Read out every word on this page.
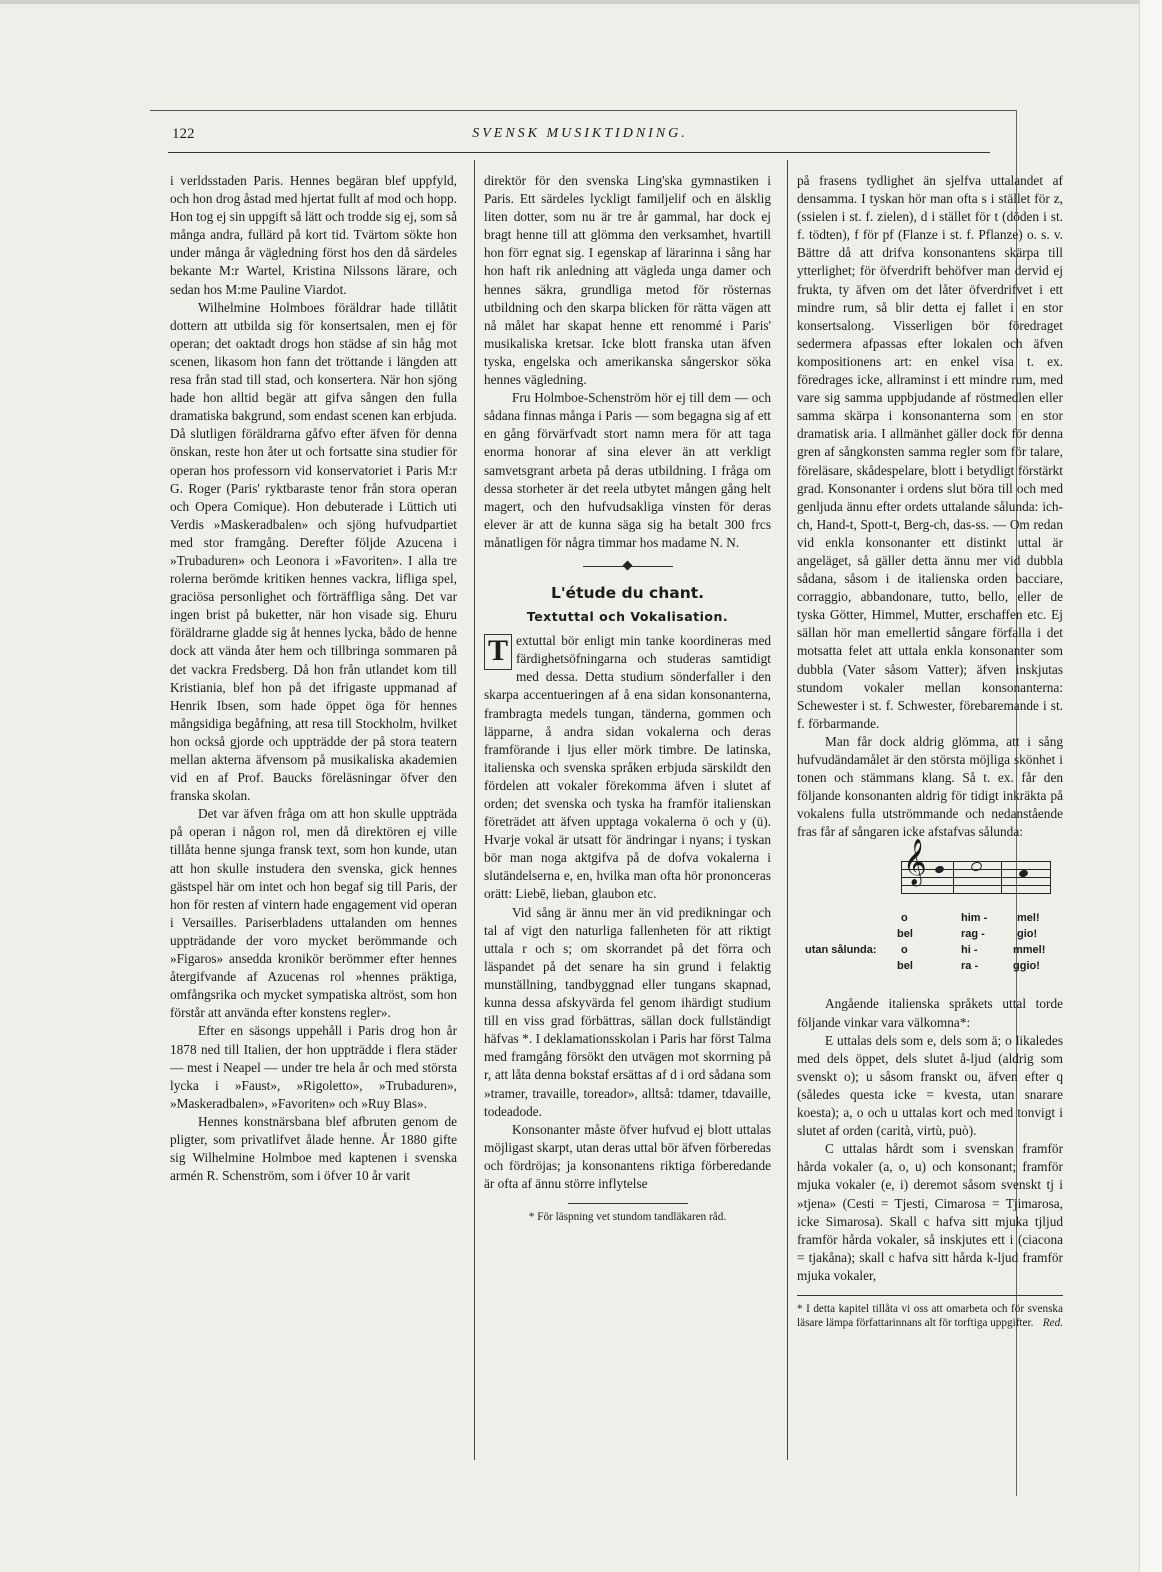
122	SVENSK MUSIKTIDNING.

i verldsstaden Paris. Hennes begäran blef uppfyld, och hon drog åstad med hjertat fullt af mod och hopp. Hon tog ej sin uppgift så lätt och trodde sig ej, som så många andra, fullärd på kort tid. Tvärtom sökte hon under många år vägledning först hos den då särdeles bekante M:r Wartel, Kristina Nilssons lärare, och sedan hos M:me Pauline Viardot.

Wilhelmine Holmboes föräldrar hade tillåtit dottern att utbilda sig för konsertsalen, men ej för operan; det oaktadt drogs hon städse af sin håg mot scenen, likasom hon fann det tröttande i längden att resa från stad till stad, och konsertera. När hon sjöng hade hon alltid begär att gifva sången den fulla dramatiska bakgrund, som endast scenen kan erbjuda. Då slutligen föräldrarna gåfvo efter äfven för denna önskan, reste hon åter ut och fortsatte sina studier för operan hos professorn vid konservatoriet i Paris M:r G. Roger (Paris' ryktbaraste tenor från stora operan och Opera Comique). Hon debuterade i Lüttich uti Verdis »Maskeradbalen» och sjöng hufvudpartiet med stor framgång. Derefter följde Azucena i »Trubaduren» och Leonora i »Favoriten». I alla tre rolerna berömde kritiken hennes vackra, lifliga spel, graciösa personlighet och förträffliga sång. Det var ingen brist på buketter, när hon visade sig. Ehuru föräldrarne gladde sig åt hennes lycka, bådo de henne dock att vända åter hem och tillbringa sommaren på det vackra Fredsberg. Då hon från utlandet kom till Kristiania, blef hon på det ifrigaste uppmanad af Henrik Ibsen, som hade öppet öga för hennes mångsidiga begåfning, att resa till Stockholm, hvilket hon också gjorde och uppträdde der på stora teatern mellan akterna äfvensom på musikaliska akademien vid en af Prof. Baucks föreläsningar öfver den franska skolan.

Det var äfven fråga om att hon skulle uppträda på operan i någon rol, men då direktören ej ville tillåta henne sjunga fransk text, som hon kunde, utan att hon skulle instudera den svenska, gick hennes gästspel här om intet och hon begaf sig till Paris, der hon för resten af vintern hade engagement vid operan i Versailles. Pariserbladens uttalanden om hennes uppträdande der voro mycket berömmande och »Figaros» ansedda kronikör berömmer efter hennes återgifvande af Azucenas rol »hennes präktiga, omfångsrika och mycket sympatiska altröst, som hon förstår att använda efter konstens regler».

Efter en säsongs uppehåll i Paris drog hon år 1878 ned till Italien, der hon uppträdde i flera städer — mest i Neapel — under tre hela år och med största lycka i »Faust», »Rigoletto», »Trubaduren», »Maskeradbalen», »Favoriten» och »Ruy Blas».

Hennes konstnärsbana blef afbruten genom de pligter, som privatlifvet ålade henne. År 1880 gifte sig Wilhelmine Holmboe med kaptenen i svenska armén R. Schenström, som i öfver 10 år varit

direktör för den svenska Ling'ska gymnastiken i Paris. Ett särdeles lyckligt familjelif och en älsklig liten dotter, som nu är tre år gammal, har dock ej bragt henne till att glömma den verksamhet, hvartill hon förr egnat sig. I egenskap af lärarinna i sång har hon haft rik anledning att vägleda unga damer och hennes säkra, grundliga metod för rösternas utbildning och den skarpa blicken för rätta vägen att nå målet har skapat henne ett renommé i Paris' musikaliska kretsar. Icke blott franska utan äfven tyska, engelska och amerikanska sångerskor söka hennes vägledning.

Fru Holmboe-Schenström hör ej till dem — och sådana finnas många i Paris — som begagna sig af ett en gång förvärfvadt stort namn mera för att taga enorma honorar af sina elever än att verkligt samvetsgrant arbeta på deras utbildning. I fråga om dessa storheter är det reela utbytet mången gång helt magert, och den hufvudsakliga vinsten för deras elever är att de kunna säga sig ha betalt 300 frcs månatligen för några timmar hos madame N. N.

L'étude du chant.
Textuttal och Vokalisation.

T extuttal bör enligt min tanke koordineras med färdighetsöfningarna och studeras samtidigt med dessa. Detta studium sönderfaller i den skarpa accentueringen af å ena sidan konsonanterna, frambragta medels tungan, tänderna, gommen och läpparne, å andra sidan vokalerna och deras framförande i ljus eller mörk timbre. De latinska, italienska och svenska språken erbjuda särskildt den fördelen att vokaler förekomma äfven i slutet af orden; det svenska och tyska ha framför italienskan företrädet att äfven upptaga vokalerna ö och y (ü). Hvarje vokal är utsatt för ändringar i nyans; i tyskan bör man noga aktgifva på de dofva vokalerna i slutändelserna e, en, hvilka man ofta hör prononceras orätt: Liebē, lieban, glaubon etc.

Vid sång är ännu mer än vid predikningar och tal af vigt den naturliga fallenheten för att riktigt uttala r och s; om skorrandet på det förra och läspandet på det senare ha sin grund i felaktig munställning, tandbyggnad eller tungans skapnad, kunna dessa afskyvärda fel genom ihärdigt studium till en viss grad förbättras, sällan dock fullständigt häfvas *. I deklamationsskolan i Paris har först Talma med framgång försökt den utvägen mot skorrning på r, att låta denna bokstaf ersättas af d i ord sådana som »tramer, travaille, toreador», alltså: tdamer, tdavaille, todeadode.

Konsonanter måste öfver hufvud ej blott uttalas möjligast skarpt, utan deras uttal bör äfven förberedas och fördröjas; ja konsonantens riktiga förberedande är ofta af ännu större inflytelse

* För läspning vet stundom tandläkaren råd.

på frasens tydlighet än sjelfva uttalandet af densamma. I tyskan hör man ofta s i stället för z, (ssielen i st. f. zielen), d i stället för t (döden i st. f. tödten), f för pf (Flanze i st. f. Pflanze) o. s. v. Bättre då att drifva konsonantens skärpa till ytterlighet; för öfverdrift behöfver man dervid ej frukta, ty äfven om det låter öfverdrifvet i ett mindre rum, så blir detta ej fallet i en stor konsertsalong. Visserligen bör föredraget sedermera afpassas efter lokalen och äfven kompositionens art: en enkel visa t. ex. föredrages icke, allraminst i ett mindre rum, med vare sig samma uppbjudande af röstmedlen eller samma skärpa i konsonanterna som en stor dramatisk aria. I allmänhet gäller dock för denna gren af sångkonsten samma regler som för talare, föreläsare, skådespelare, blott i betydligt förstärkt grad. Konsonanter i ordens slut böra till och med genljuda ännu efter ordets uttalande sålunda: ich-ch, Hand-t, Spott-t, Berg-ch, das-ss. — Om redan vid enkla konsonanter ett distinkt uttal är angeläget, så gäller detta ännu mer vid dubbla sådana, såsom i de italienska orden bacciare, corraggio, abbandonare, tutto, bello, eller de tyska Götter, Himmel, Mutter, erschaffen etc. Ej sällan hör man emellertid sångare förfalla i det motsatta felet att uttala enkla konsonanter som dubbla (Vater såsom Vatter); äfven inskjutas stundom vokaler mellan konsonanterna: Schewester i st. f. Schwester, förebaremande i st. f. förbarmande.

Man får dock aldrig glömma, att i sång hufvudändamålet är den största möjliga skönhet i tonen och stämmans klang. Så t. ex. får den följande konsonanten aldrig för tidigt inkräkta på vokalens fulla utströmmande och nedanstående fras får af sångaren icke afstafvas sålunda:

𝄞
o	him -	mel!
bel	rag -	gio!
utan sålunda: o	hi -	mmel!
bel	ra -	ggio!

Angående italienska språkets uttal torde följande vinkar vara välkomna*:

E uttalas dels som e, dels som ä; o likaledes med dels öppet, dels slutet å-ljud (aldrig som svenskt o); u såsom franskt ou, äfven efter q (således questa icke = kvesta, utan snarare koesta); a, o och u uttalas kort och med tonvigt i slutet af orden (carità, virtù, può).

C uttalas hårdt som i svenskan framför hårda vokaler (a, o, u) och konsonant; framför mjuka vokaler (e, i) deremot såsom svenskt tj i »tjena» (Cesti = Tjesti, Cimarosa = Tjimarosa, icke Simarosa). Skall c hafva sitt mjuka tjljud framför hårda vokaler, så inskjutes ett i (ciacona = tjakåna); skall c hafva sitt hårda k-ljud framför mjuka vokaler,

* I detta kapitel tillåta vi oss att omarbeta och för svenska läsare lämpa författarinnans alt för torftiga uppgifter. Red.
